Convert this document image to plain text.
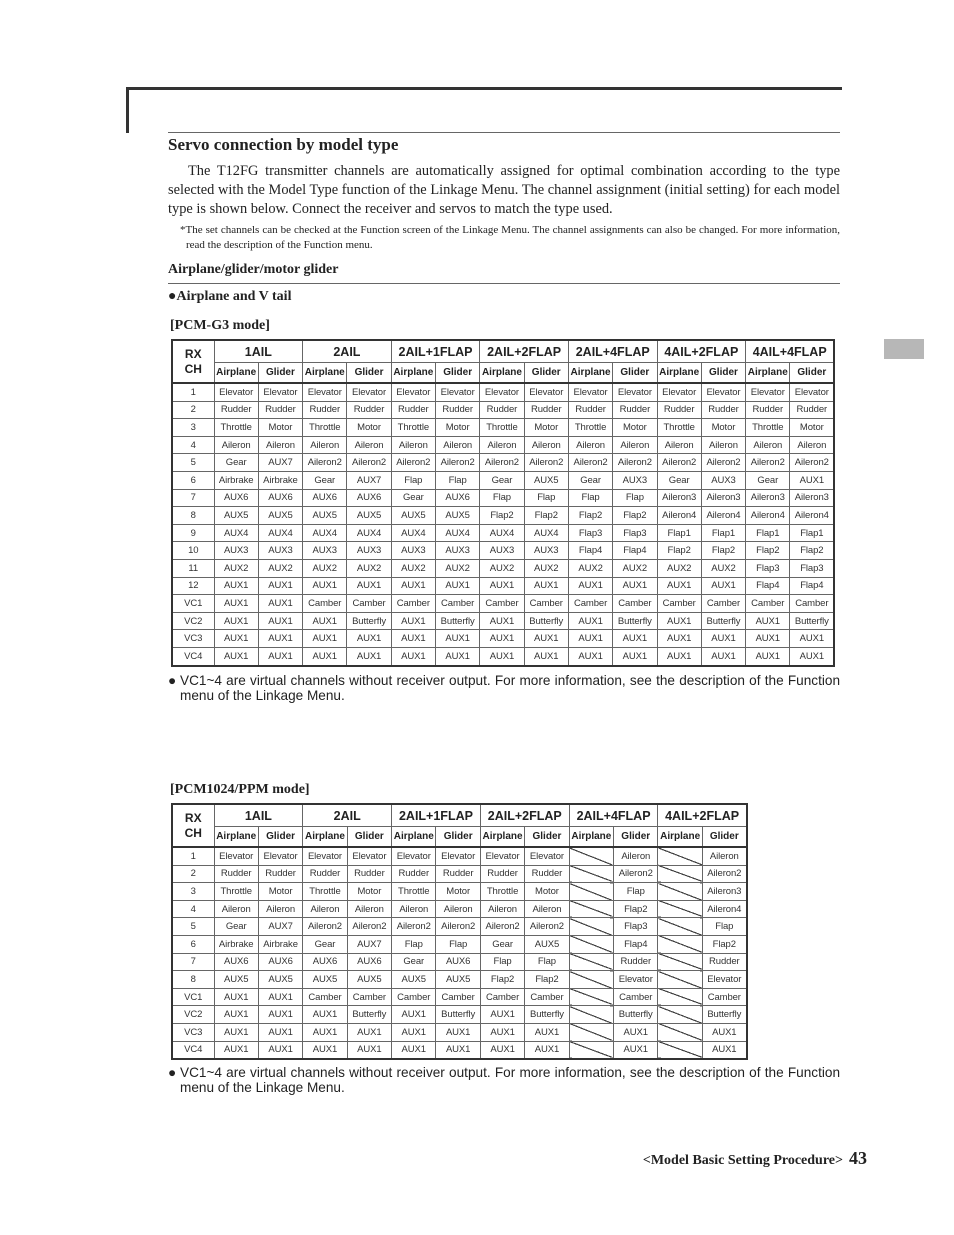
Servo connection by model type

The T12FG transmitter channels are automatically assigned for optimal combination according to the type selected with the Model Type function of the Linkage Menu. The channel assignment (initial setting) for each model type is shown below. Connect the receiver and servos to match the type used.

*The set channels can be checked at the Function screen of the Linkage Menu. The channel assignments can also be changed. For more information, read the description of the Function menu.

Airplane/glider/motor glider

●Airplane and V tail

[PCM-G3 mode]

RX
CH	1AIL		2AIL		2AIL+1FLAP		2AIL+2FLAP		2AIL+4FLAP		4AIL+2FLAP		4AIL+4FLAP	
	Airplane	Glider	Airplane	Glider	Airplane	Glider	Airplane	Glider	Airplane	Glider	Airplane	Glider	Airplane	Glider
1	Elevator	Elevator	Elevator	Elevator	Elevator	Elevator	Elevator	Elevator	Elevator	Elevator	Elevator	Elevator	Elevator	Elevator
2	Rudder	Rudder	Rudder	Rudder	Rudder	Rudder	Rudder	Rudder	Rudder	Rudder	Rudder	Rudder	Rudder	Rudder
3	Throttle	Motor	Throttle	Motor	Throttle	Motor	Throttle	Motor	Throttle	Motor	Throttle	Motor	Throttle	Motor
4	Aileron	Aileron	Aileron	Aileron	Aileron	Aileron	Aileron	Aileron	Aileron	Aileron	Aileron	Aileron	Aileron	Aileron
5	Gear	AUX7	Aileron2	Aileron2	Aileron2	Aileron2	Aileron2	Aileron2	Aileron2	Aileron2	Aileron2	Aileron2	Aileron2	Aileron2
6	Airbrake	Airbrake	Gear	AUX7	Flap	Flap	Gear	AUX5	Gear	AUX3	Gear	AUX3	Gear	AUX1
7	AUX6	AUX6	AUX6	AUX6	Gear	AUX6	Flap	Flap	Flap	Flap	Aileron3	Aileron3	Aileron3	Aileron3
8	AUX5	AUX5	AUX5	AUX5	AUX5	AUX5	Flap2	Flap2	Flap2	Flap2	Aileron4	Aileron4	Aileron4	Aileron4
9	AUX4	AUX4	AUX4	AUX4	AUX4	AUX4	AUX4	AUX4	Flap3	Flap3	Flap1	Flap1	Flap1	Flap1
10	AUX3	AUX3	AUX3	AUX3	AUX3	AUX3	AUX3	AUX3	Flap4	Flap4	Flap2	Flap2	Flap2	Flap2
11	AUX2	AUX2	AUX2	AUX2	AUX2	AUX2	AUX2	AUX2	AUX2	AUX2	AUX2	AUX2	Flap3	Flap3
12	AUX1	AUX1	AUX1	AUX1	AUX1	AUX1	AUX1	AUX1	AUX1	AUX1	AUX1	AUX1	Flap4	Flap4
VC1	AUX1	AUX1	Camber	Camber	Camber	Camber	Camber	Camber	Camber	Camber	Camber	Camber	Camber	Camber
VC2	AUX1	AUX1	AUX1	Butterfly	AUX1	Butterfly	AUX1	Butterfly	AUX1	Butterfly	AUX1	Butterfly	AUX1	Butterfly
VC3	AUX1	AUX1	AUX1	AUX1	AUX1	AUX1	AUX1	AUX1	AUX1	AUX1	AUX1	AUX1	AUX1	AUX1
VC4	AUX1	AUX1	AUX1	AUX1	AUX1	AUX1	AUX1	AUX1	AUX1	AUX1	AUX1	AUX1	AUX1	AUX1

● VC1~4 are virtual channels without receiver output. For more information, see the description of the Function menu of the Linkage Menu.

[PCM1024/PPM mode]

RX
CH	1AIL		2AIL		2AIL+1FLAP		2AIL+2FLAP		2AIL+4FLAP		4AIL+2FLAP	
	Airplane	Glider	Airplane	Glider	Airplane	Glider	Airplane	Glider	Airplane	Glider	Airplane	Glider
1	Elevator	Elevator	Elevator	Elevator	Elevator	Elevator	Elevator	Elevator		Aileron		Aileron
2	Rudder	Rudder	Rudder	Rudder	Rudder	Rudder	Rudder	Rudder		Aileron2		Aileron2
3	Throttle	Motor	Throttle	Motor	Throttle	Motor	Throttle	Motor		Flap		Aileron3
4	Aileron	Aileron	Aileron	Aileron	Aileron	Aileron	Aileron	Aileron		Flap2		Aileron4
5	Gear	AUX7	Aileron2	Aileron2	Aileron2	Aileron2	Aileron2	Aileron2		Flap3		Flap
6	Airbrake	Airbrake	Gear	AUX7	Flap	Flap	Gear	AUX5		Flap4		Flap2
7	AUX6	AUX6	AUX6	AUX6	Gear	AUX6	Flap	Flap		Rudder		Rudder
8	AUX5	AUX5	AUX5	AUX5	AUX5	AUX5	Flap2	Flap2		Elevator		Elevator
VC1	AUX1	AUX1	Camber	Camber	Camber	Camber	Camber	Camber		Camber		Camber
VC2	AUX1	AUX1	AUX1	Butterfly	AUX1	Butterfly	AUX1	Butterfly		Butterfly		Butterfly
VC3	AUX1	AUX1	AUX1	AUX1	AUX1	AUX1	AUX1	AUX1		AUX1		AUX1
VC4	AUX1	AUX1	AUX1	AUX1	AUX1	AUX1	AUX1	AUX1		AUX1		AUX1

● VC1~4 are virtual channels without receiver output. For more information, see the description of the Function menu of the Linkage Menu.

<Model Basic Setting Procedure> 43
